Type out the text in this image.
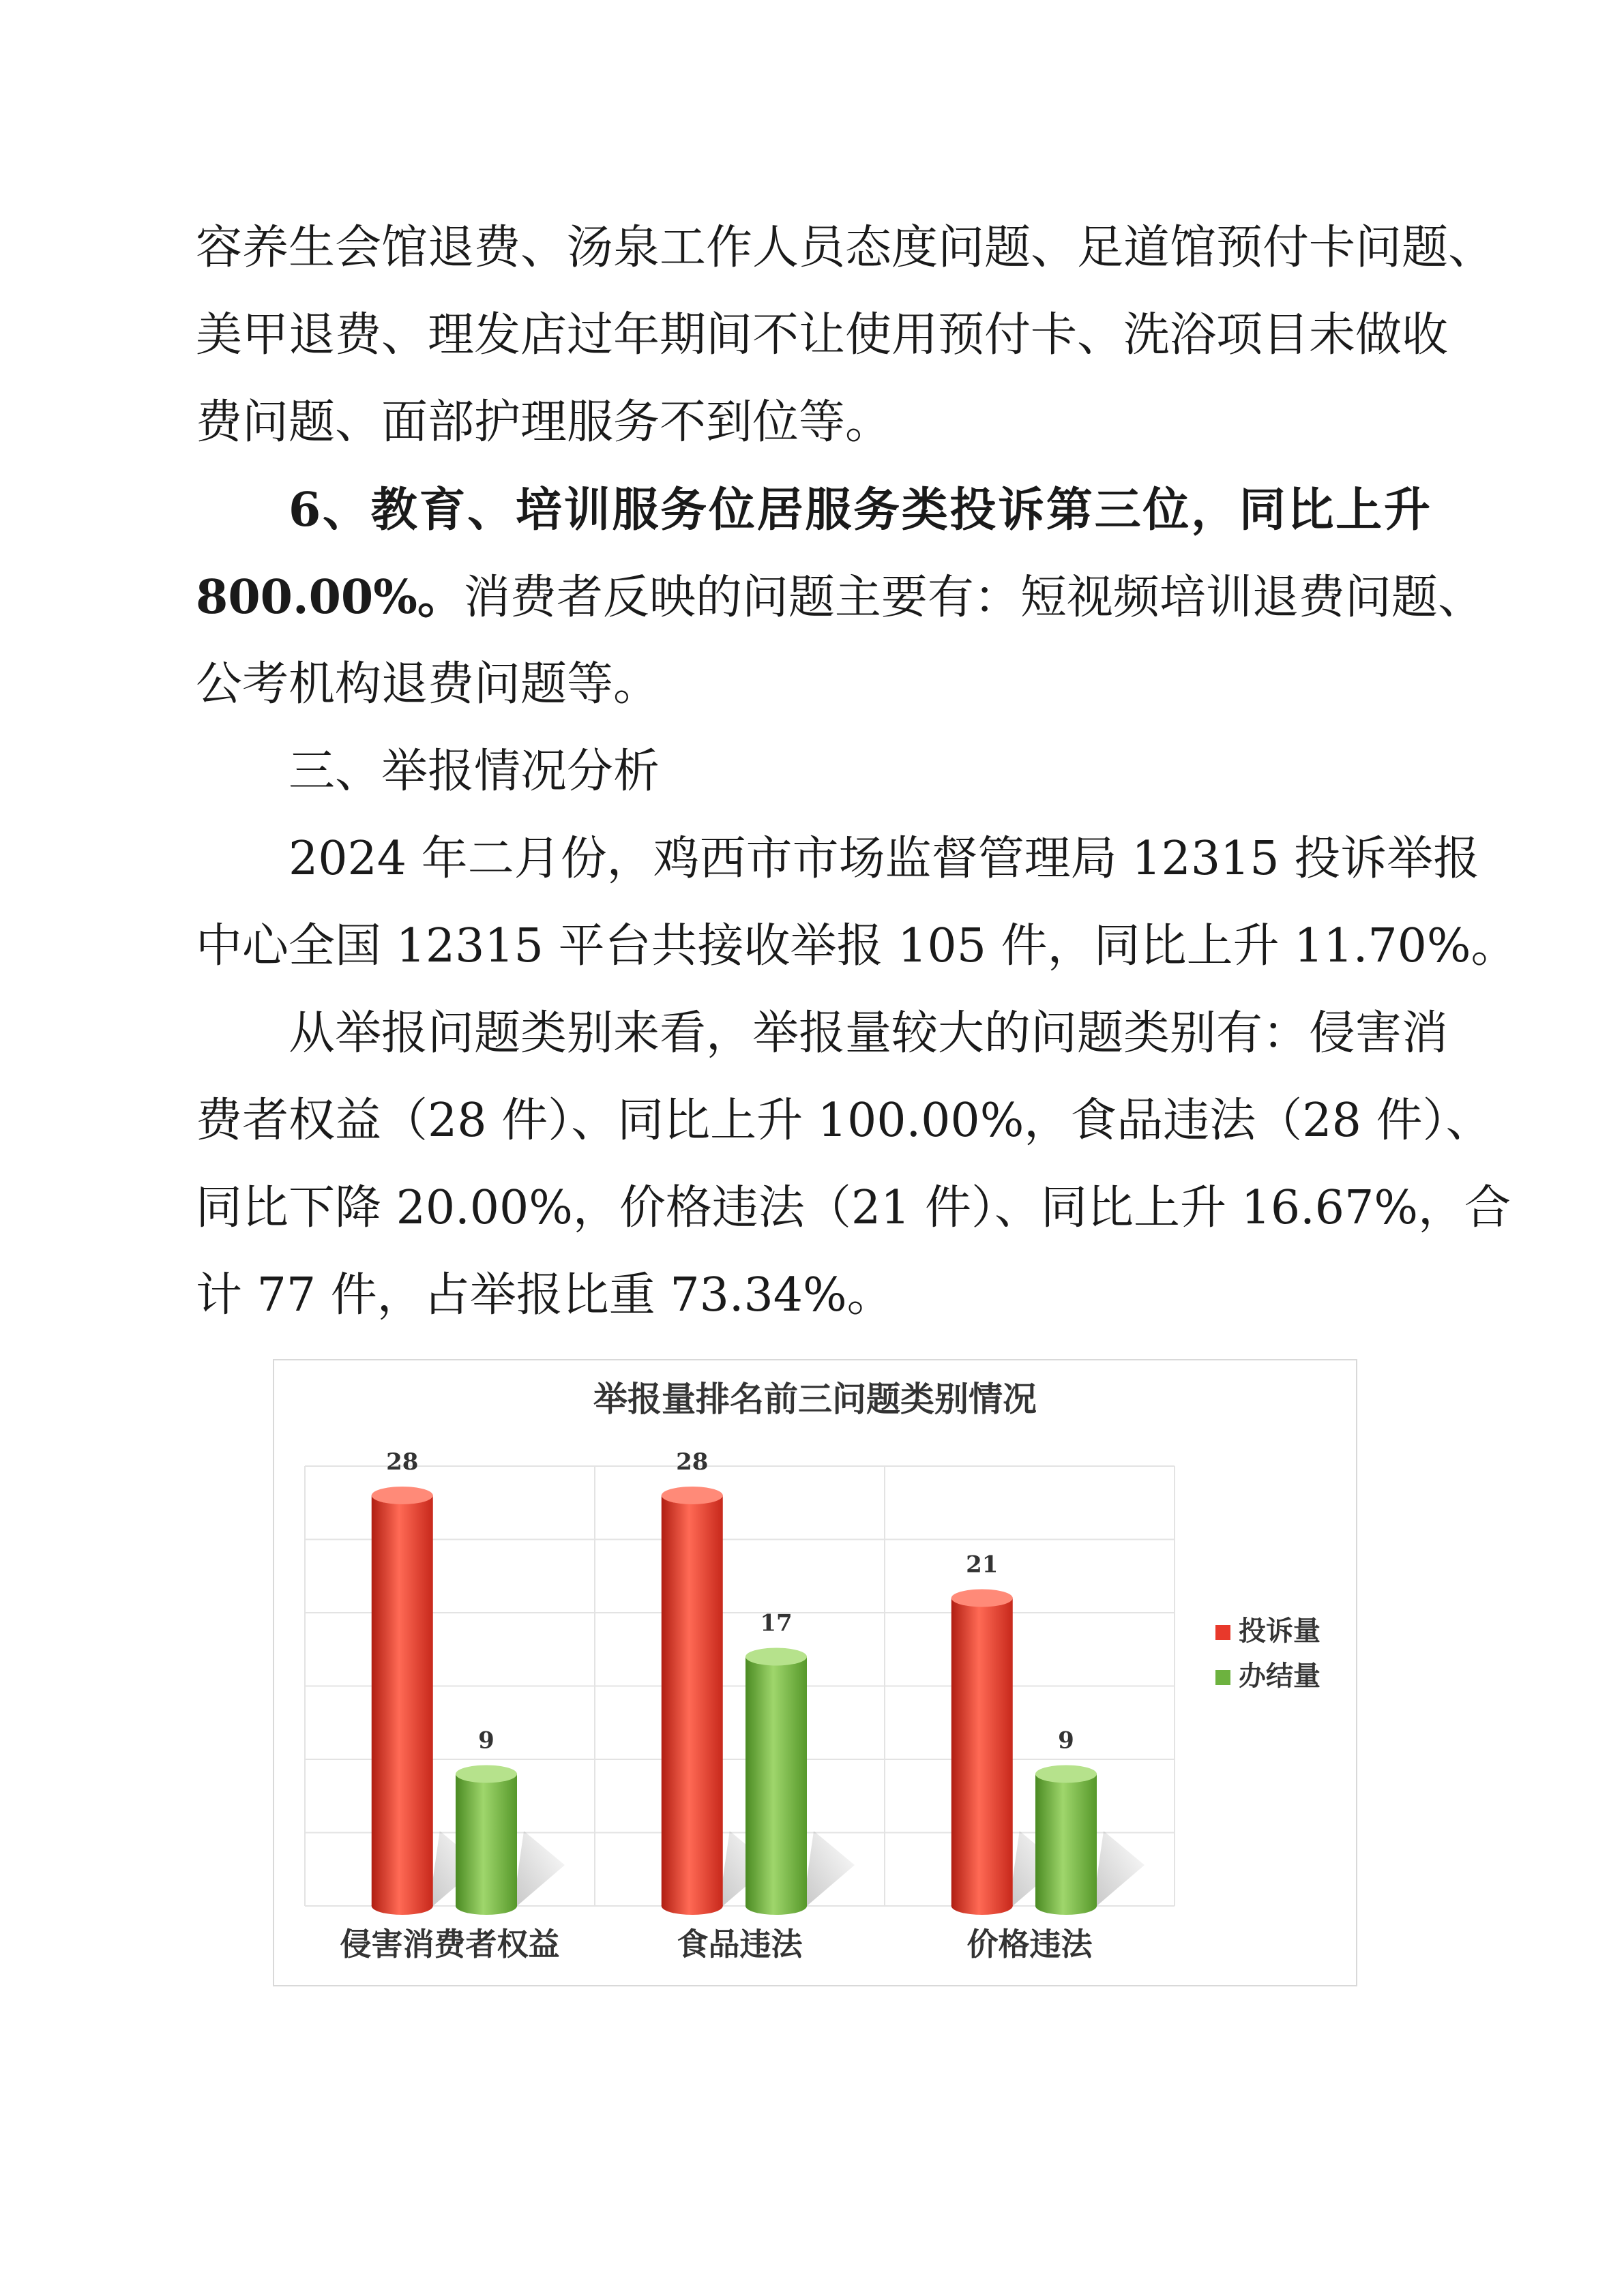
容养生会馆退费、汤泉工作人员态度问题、足道馆预付卡问题、
美甲退费、理发店过年期间不让使用预付卡、洗浴项目未做收
费问题、面部护理服务不到位等。
6、教育、培训服务位居服务类投诉第三位，同比上升
800.00%。消费者反映的问题主要有：短视频培训退费问题、
公考机构退费问题等。
三、举报情况分析
2024 年二月份，鸡西市市场监督管理局 12315 投诉举报
中心全国 12315 平台共接收举报 105 件，同比上升 11.70%。
从举报问题类别来看，举报量较大的问题类别有：侵害消
费者权益（28 件）、同比上升 100.00%，食品违法（28 件）、
同比下降 20.00%，价格违法（21 件）、同比上升 16.67%，合
计 77 件，占举报比重 73.34%。
举报量排名前三问题类别情况
28
9
侵害消费者权益
28
17
食品违法
21
9
价格违法
投诉量
办结量
